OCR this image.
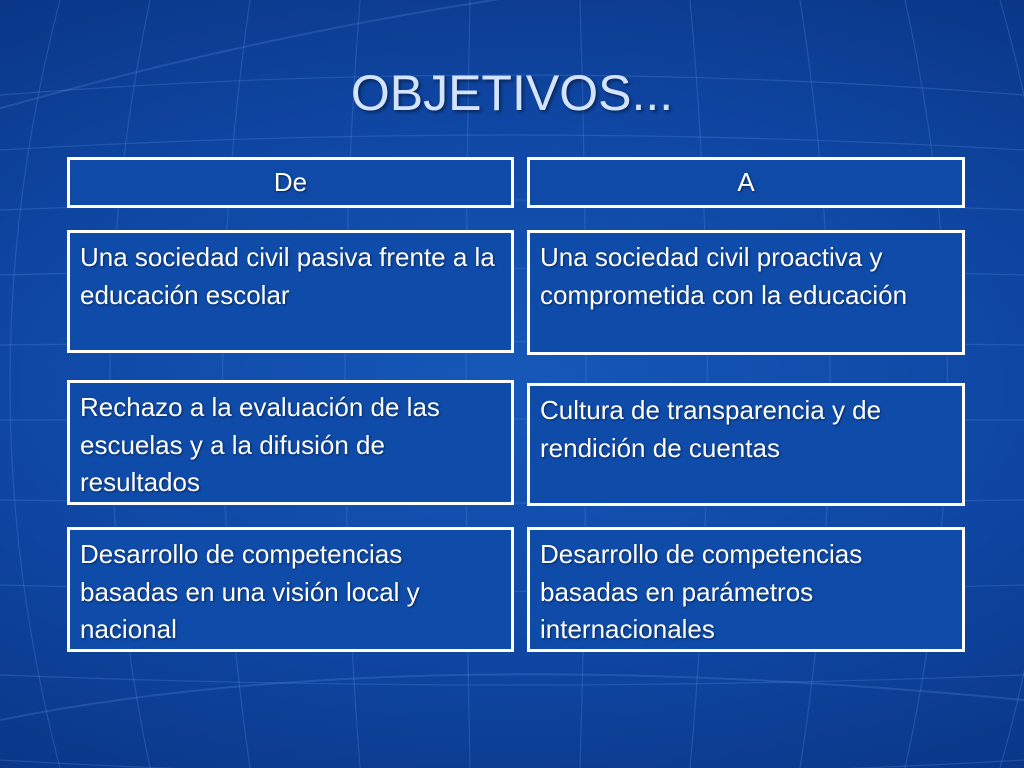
OBJETIVOS...
De	A
Una sociedad civil pasiva frente a la educación escolar
Una sociedad civil proactiva y comprometida con la educación
Rechazo a la evaluación de las escuelas y a la difusión de resultados
Cultura de transparencia y de rendición de cuentas
Desarrollo de competencias basadas en una visión local y nacional
Desarrollo de competencias basadas en parámetros internacionales
